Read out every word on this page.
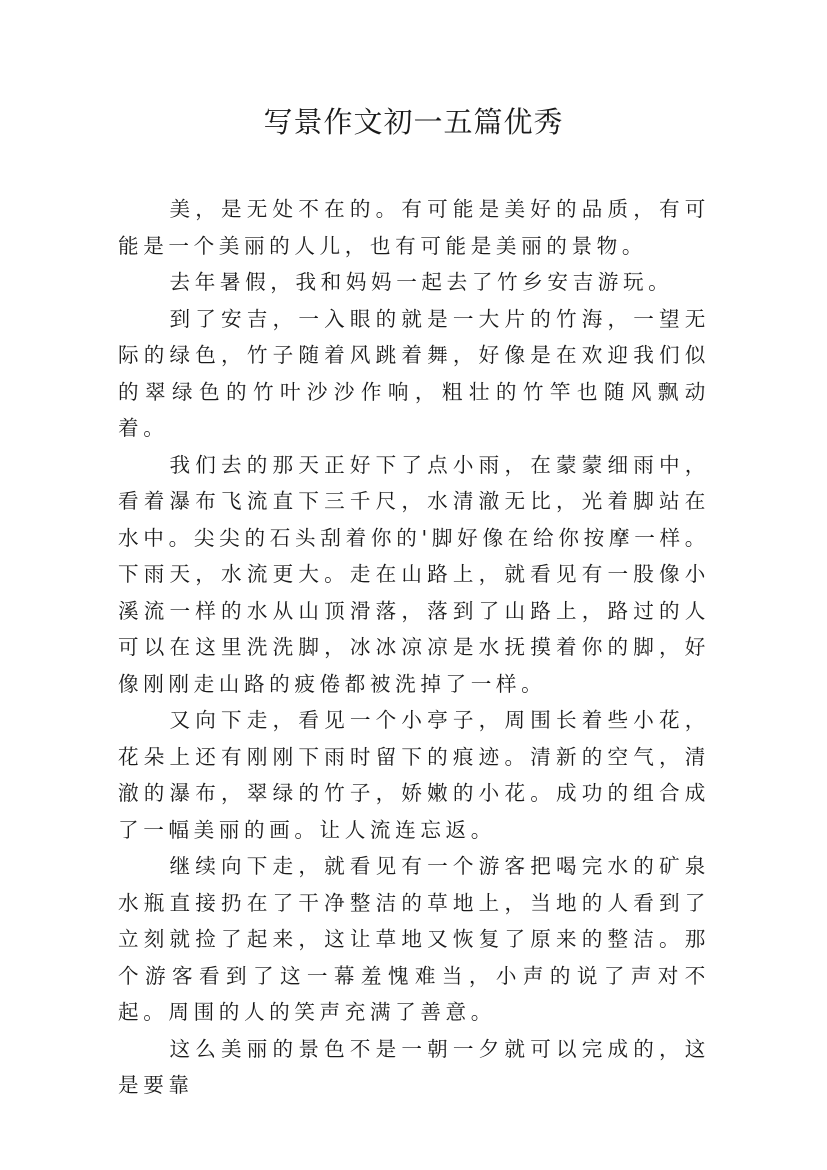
写景作文初一五篇优秀

美，是无处不在的。有可能是美好的品质，有可能是一个美丽的人儿，也有可能是美丽的景物。

去年暑假，我和妈妈一起去了竹乡安吉游玩。

到了安吉，一入眼的就是一大片的竹海，一望无际的绿色，竹子随着风跳着舞，好像是在欢迎我们似的翠绿色的竹叶沙沙作响，粗壮的竹竿也随风飘动着。

我们去的那天正好下了点小雨，在蒙蒙细雨中，看着瀑布飞流直下三千尺，水清澈无比，光着脚站在水中。尖尖的石头刮着你的'脚好像在给你按摩一样。下雨天，水流更大。走在山路上，就看见有一股像小溪流一样的水从山顶滑落，落到了山路上，路过的人可以在这里洗洗脚，冰冰凉凉是水抚摸着你的脚，好像刚刚走山路的疲倦都被洗掉了一样。

又向下走，看见一个小亭子，周围长着些小花，花朵上还有刚刚下雨时留下的痕迹。清新的空气，清澈的瀑布，翠绿的竹子，娇嫩的小花。成功的组合成了一幅美丽的画。让人流连忘返。

继续向下走，就看见有一个游客把喝完水的矿泉水瓶直接扔在了干净整洁的草地上，当地的人看到了立刻就捡了起来，这让草地又恢复了原来的整洁。那个游客看到了这一幕羞愧难当，小声的说了声对不起。周围的人的笑声充满了善意。

这么美丽的景色不是一朝一夕就可以完成的，这是要靠
